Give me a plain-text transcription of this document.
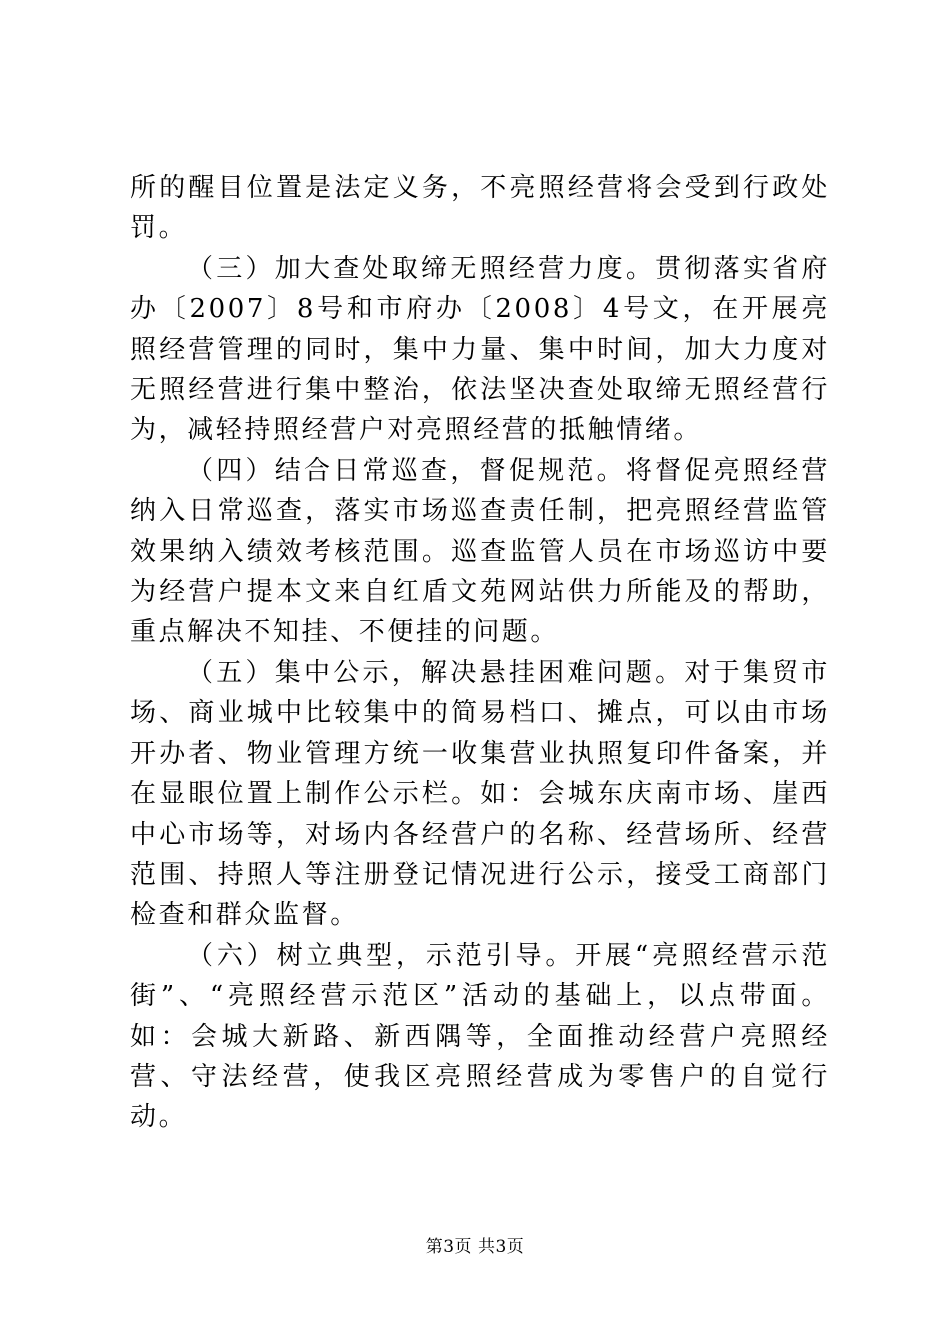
所的醒目位置是法定义务，不亮照经营将会受到行政处罚。

（三）加大查处取缔无照经营力度。贯彻落实省府办〔2007〕8号和市府办〔2008〕4号文，在开展亮照经营管理的同时，集中力量、集中时间，加大力度对无照经营进行集中整治，依法坚决查处取缔无照经营行为，减轻持照经营户对亮照经营的抵触情绪。

（四）结合日常巡查，督促规范。将督促亮照经营纳入日常巡查，落实市场巡查责任制，把亮照经营监管效果纳入绩效考核范围。巡查监管人员在市场巡访中要为经营户提本文来自红盾文苑网站供力所能及的帮助，重点解决不知挂、不便挂的问题。

（五）集中公示，解决悬挂困难问题。对于集贸市场、商业城中比较集中的简易档口、摊点，可以由市场开办者、物业管理方统一收集营业执照复印件备案，并在显眼位置上制作公示栏。如：会城东庆南市场、崖西中心市场等，对场内各经营户的名称、经营场所、经营范围、持照人等注册登记情况进行公示，接受工商部门检查和群众监督。

（六）树立典型，示范引导。开展“亮照经营示范街”、“亮照经营示范区”活动的基础上，以点带面。如：会城大新路、新西隅等，全面推动经营户亮照经营、守法经营，使我区亮照经营成为零售户的自觉行动。

第3页 共3页
